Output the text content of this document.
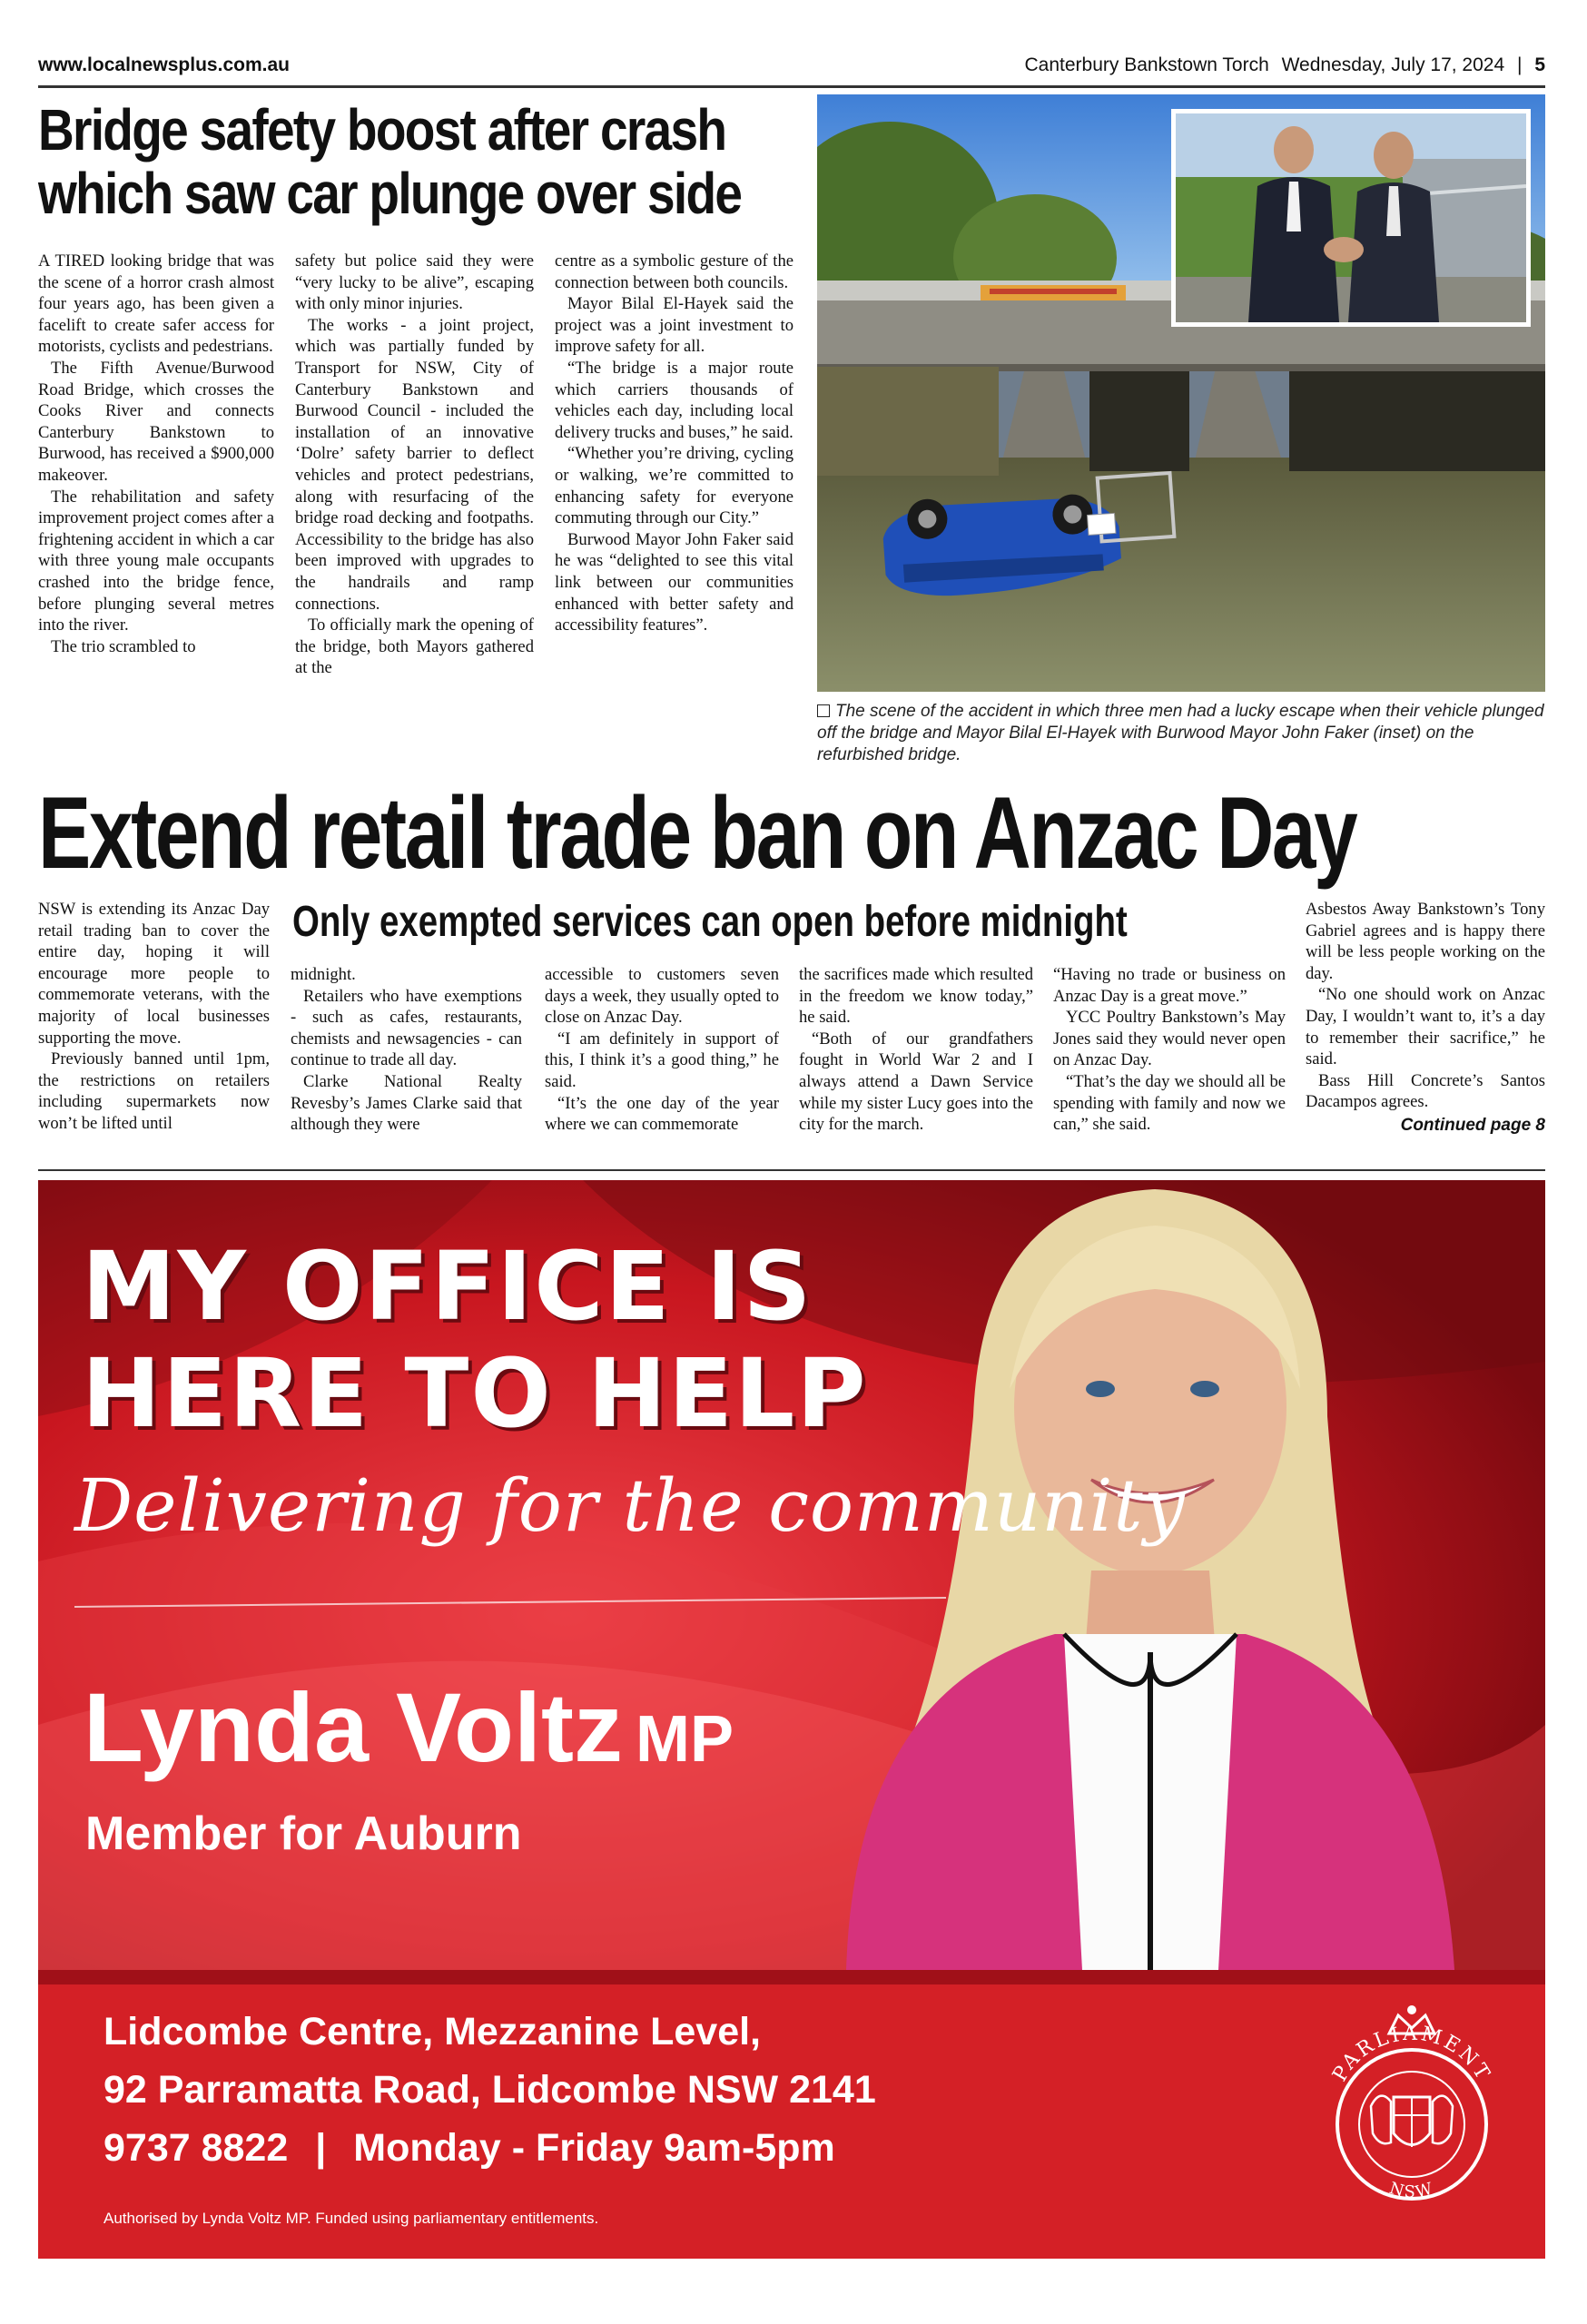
www.localnewsplus.com.au	Canterbury Bankstown Torch Wednesday, July 17, 2024 | 5
Bridge safety boost after crash
which saw car plunge over side

A TIRED looking bridge that was the scene of a horror crash almost four years ago, has been given a facelift to create safer access for motorists, cyclists and pedestrians.

The Fifth Avenue/Burwood Road Bridge, which crosses the Cooks River and connects Canterbury Bankstown to Burwood, has received a $900,000 makeover.

The rehabilitation and safety improvement project comes after a frightening accident in which a car with three young male occupants crashed into the bridge fence, before plunging several metres into the river.

The trio scrambled to

safety but police said they were “very lucky to be alive”, escaping with only minor injuries.

The works - a joint project, which was partially funded by Transport for NSW, City of Canterbury Bankstown and Burwood Council - included the installation of an innovative ‘Dolre’ safety barrier to deflect vehicles and protect pedestrians, along with resurfacing of the bridge road decking and footpaths. Accessibility to the bridge has also been improved with upgrades to the handrails and ramp connections.

To officially mark the opening of the bridge, both Mayors gathered at the

centre as a symbolic gesture of the connection between both councils.

Mayor Bilal El-Hayek said the project was a joint investment to improve safety for all.

“The bridge is a major route which carriers thousands of vehicles each day, including local delivery trucks and buses,” he said.

“Whether you’re driving, cycling or walking, we’re committed to enhancing safety for everyone commuting through our City.”

Burwood Mayor John Faker said he was “delighted to see this vital link between our communities enhanced with better safety and accessibility features”.

The scene of the accident in which three men had a lucky escape when their vehicle plunged off the bridge and Mayor Bilal El-Hayek with Burwood Mayor John Faker (inset) on the refurbished bridge.
Extend retail trade ban on Anzac Day
Only exempted services can open before midnight

NSW is extending its Anzac Day retail trading ban to cover the entire day, hoping it will encourage more people to commemorate veterans, with the majority of local businesses supporting the move.

Previously banned until 1pm, the restrictions on retailers including supermarkets now won’t be lifted until

midnight.

Retailers who have exemptions - such as cafes, restaurants, chemists and newsagencies - can continue to trade all day.

Clarke National Realty Revesby’s James Clarke said that although they were

accessible to customers seven days a week, they usually opted to close on Anzac Day.

“I am definitely in support of this, I think it’s a good thing,” he said.

“It’s the one day of the year where we can commemorate

the sacrifices made which resulted in the freedom we know today,” he said.

“Both of our grandfathers fought in World War 2 and I always attend a Dawn Service while my sister Lucy goes into the city for the march.

“Having no trade or business on Anzac Day is a great move.”

YCC Poultry Bankstown’s May Jones said they would never open on Anzac Day.

“That’s the day we should all be spending with family and now we can,” she said.

Asbestos Away Bankstown’s Tony Gabriel agrees and is happy there will be less people working on the day.

“No one should work on Anzac Day, I wouldn’t want to, it’s a day to remember their sacrifice,” he said.

Bass Hill Concrete’s Santos Dacampos agrees.

Continued page 8
MY OFFICE IS
HERE TO HELP
Delivering for the community
Lynda Voltz MP
Member for Auburn
Lidcombe Centre, Mezzanine Level,
92 Parramatta Road, Lidcombe NSW 2141
9737 8822 | Monday - Friday 9am-5pm
Authorised by Lynda Voltz MP. Funded using parliamentary entitlements.
PARLIAMENT
NSW
